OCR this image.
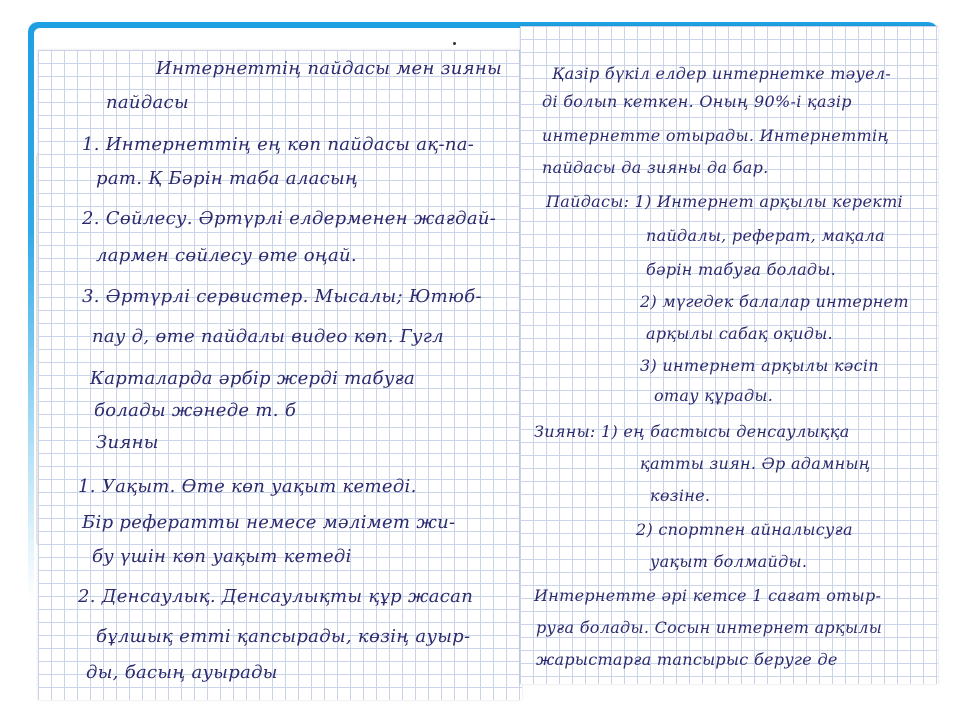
Интернеттің пайдасы мен зияны
пайдасы
1. Интернеттің ең көп пайдасы ақ-па-
рат. Қ Бәрін таба аласың
2. Сөйлесу. Әртүрлі елдерменен жағдай-
лармен сөйлесу өте оңай.
3. Әртүрлі сервистер. Мысалы; Ютюб-
пау д, өте пайдалы видео көп. Гугл
Карталарда әрбір жерді табуға
болады жәнеде т. б
Зияны
1. Уақыт. Өте көп уақыт кетеді.
Бір рефератты немесе мәлімет жи-
бу үшін көп уақыт кетеді
2. Денсаулық. Денсаулықты құр жасап
бұлшық етті қапсырады, көзің ауыр-
ды, басың ауырады
Қазір бүкіл елдер интернетке тәуел-
ді болып кеткен. Оның 90%-і қазір
интернетте отырады. Интернеттің
пайдасы да зияны да бар.
Пайдасы: 1) Интернет арқылы керекті
пайдалы, реферат, мақала
бәрін табуға болады.
2) мүгедек балалар интернет
арқылы сабақ оқиды.
3) интернет арқылы кәсіп
отау құрады.
Зияны: 1) ең бастысы денсаулыққа
қатты зиян. Әр адамның
көзіне.
2) спортпен айналысуға
уақыт болмайды.
Интернетте әрі кетсе 1 сағат отыр-
руға болады. Сосын интернет арқылы
жарыстарға тапсырыс беруге де
